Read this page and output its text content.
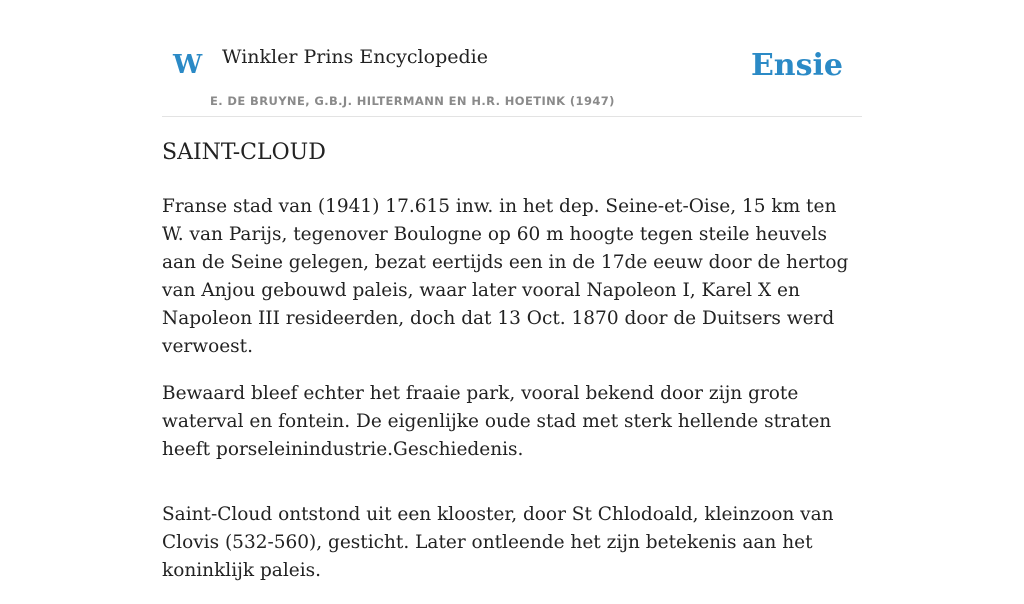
W Winkler Prins Encyclopedie
E. DE BRUYNE, G.B.J. HILTERMANN EN H.R. HOETINK (1947)
Ensie
SAINT-CLOUD

Franse stad van (1941) 17.615 inw. in het dep. Seine-et-Oise, 15 km ten W. van Parijs, tegenover Boulogne op 60 m hoogte tegen steile heuvels aan de Seine gelegen, bezat eertijds een in de 17de eeuw door de hertog van Anjou gebouwd paleis, waar later vooral Napoleon I, Karel X en Napoleon III resideerden, doch dat 13 Oct. 1870 door de Duitsers werd verwoest.

Bewaard bleef echter het fraaie park, vooral bekend door zijn grote waterval en fontein. De eigenlijke oude stad met sterk hellende straten heeft porseleinindustrie.Geschiedenis.

Saint-Cloud ontstond uit een klooster, door St Chlodoald, kleinzoon van Clovis (532-560), gesticht. Later ontleende het zijn betekenis aan het koninklijk paleis.
